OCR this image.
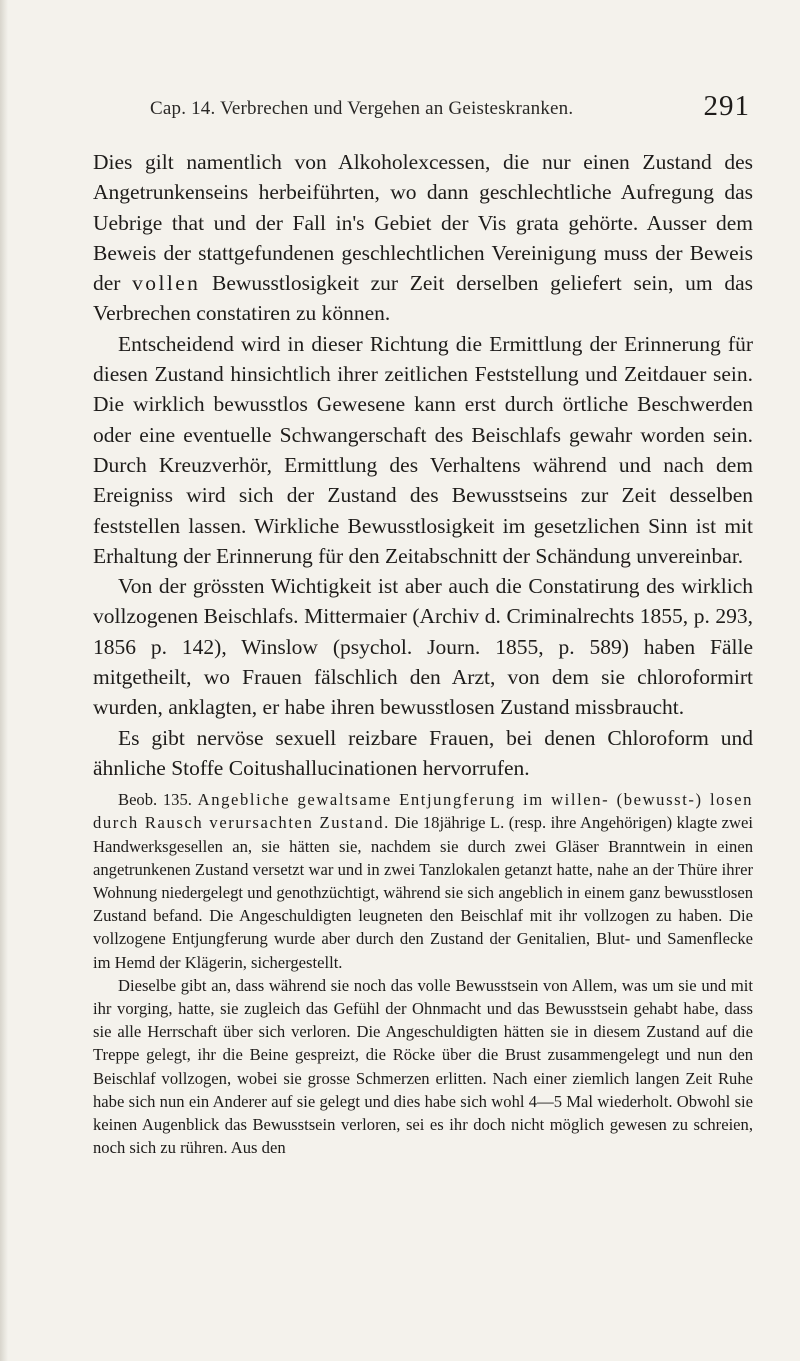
Cap. 14. Verbrechen und Vergehen an Geisteskranken.	291

Dies gilt namentlich von Alkoholexcessen, die nur einen Zustand des Angetrunkenseins herbeiführten, wo dann geschlechtliche Aufregung das Uebrige that und der Fall in's Gebiet der Vis grata gehörte. Ausser dem Beweis der stattgefundenen geschlechtlichen Vereinigung muss der Beweis der vollen Bewusstlosigkeit zur Zeit derselben geliefert sein, um das Verbrechen constatiren zu können.

Entscheidend wird in dieser Richtung die Ermittlung der Erinnerung für diesen Zustand hinsichtlich ihrer zeitlichen Feststellung und Zeitdauer sein. Die wirklich bewusstlos Gewesene kann erst durch örtliche Beschwerden oder eine eventuelle Schwangerschaft des Beischlafs gewahr worden sein. Durch Kreuzverhör, Ermittlung des Verhaltens während und nach dem Ereigniss wird sich der Zustand des Bewusstseins zur Zeit desselben feststellen lassen. Wirkliche Bewusstlosigkeit im gesetzlichen Sinn ist mit Erhaltung der Erinnerung für den Zeitabschnitt der Schändung unvereinbar.

Von der grössten Wichtigkeit ist aber auch die Constatirung des wirklich vollzogenen Beischlafs. Mittermaier (Archiv d. Criminalrechts 1855, p. 293, 1856 p. 142), Winslow (psychol. Journ. 1855, p. 589) haben Fälle mitgetheilt, wo Frauen fälschlich den Arzt, von dem sie chloroformirt wurden, anklagten, er habe ihren bewusstlosen Zustand missbraucht.

Es gibt nervöse sexuell reizbare Frauen, bei denen Chloroform und ähnliche Stoffe Coitushallucinationen hervorrufen.

Beob. 135. Angebliche gewaltsame Entjungferung im willen- (bewusst-) losen durch Rausch verursachten Zustand. Die 18jährige L. (resp. ihre Angehörigen) klagte zwei Handwerksgesellen an, sie hätten sie, nachdem sie durch zwei Gläser Branntwein in einen angetrunkenen Zustand versetzt war und in zwei Tanzlokalen getanzt hatte, nahe an der Thüre ihrer Wohnung niedergelegt und genothzüchtigt, während sie sich angeblich in einem ganz bewusstlosen Zustand befand. Die Angeschuldigten leugneten den Beischlaf mit ihr vollzogen zu haben. Die vollzogene Entjungferung wurde aber durch den Zustand der Genitalien, Blut- und Samenflecke im Hemd der Klägerin, sichergestellt.

Dieselbe gibt an, dass während sie noch das volle Bewusstsein von Allem, was um sie und mit ihr vorging, hatte, sie zugleich das Gefühl der Ohnmacht und das Bewusstsein gehabt habe, dass sie alle Herrschaft über sich verloren. Die Angeschuldigten hätten sie in diesem Zustand auf die Treppe gelegt, ihr die Beine gespreizt, die Röcke über die Brust zusammengelegt und nun den Beischlaf vollzogen, wobei sie grosse Schmerzen erlitten. Nach einer ziemlich langen Zeit Ruhe habe sich nun ein Anderer auf sie gelegt und dies habe sich wohl 4—5 Mal wiederholt. Obwohl sie keinen Augenblick das Bewusstsein verloren, sei es ihr doch nicht möglich gewesen zu schreien, noch sich zu rühren. Aus den
